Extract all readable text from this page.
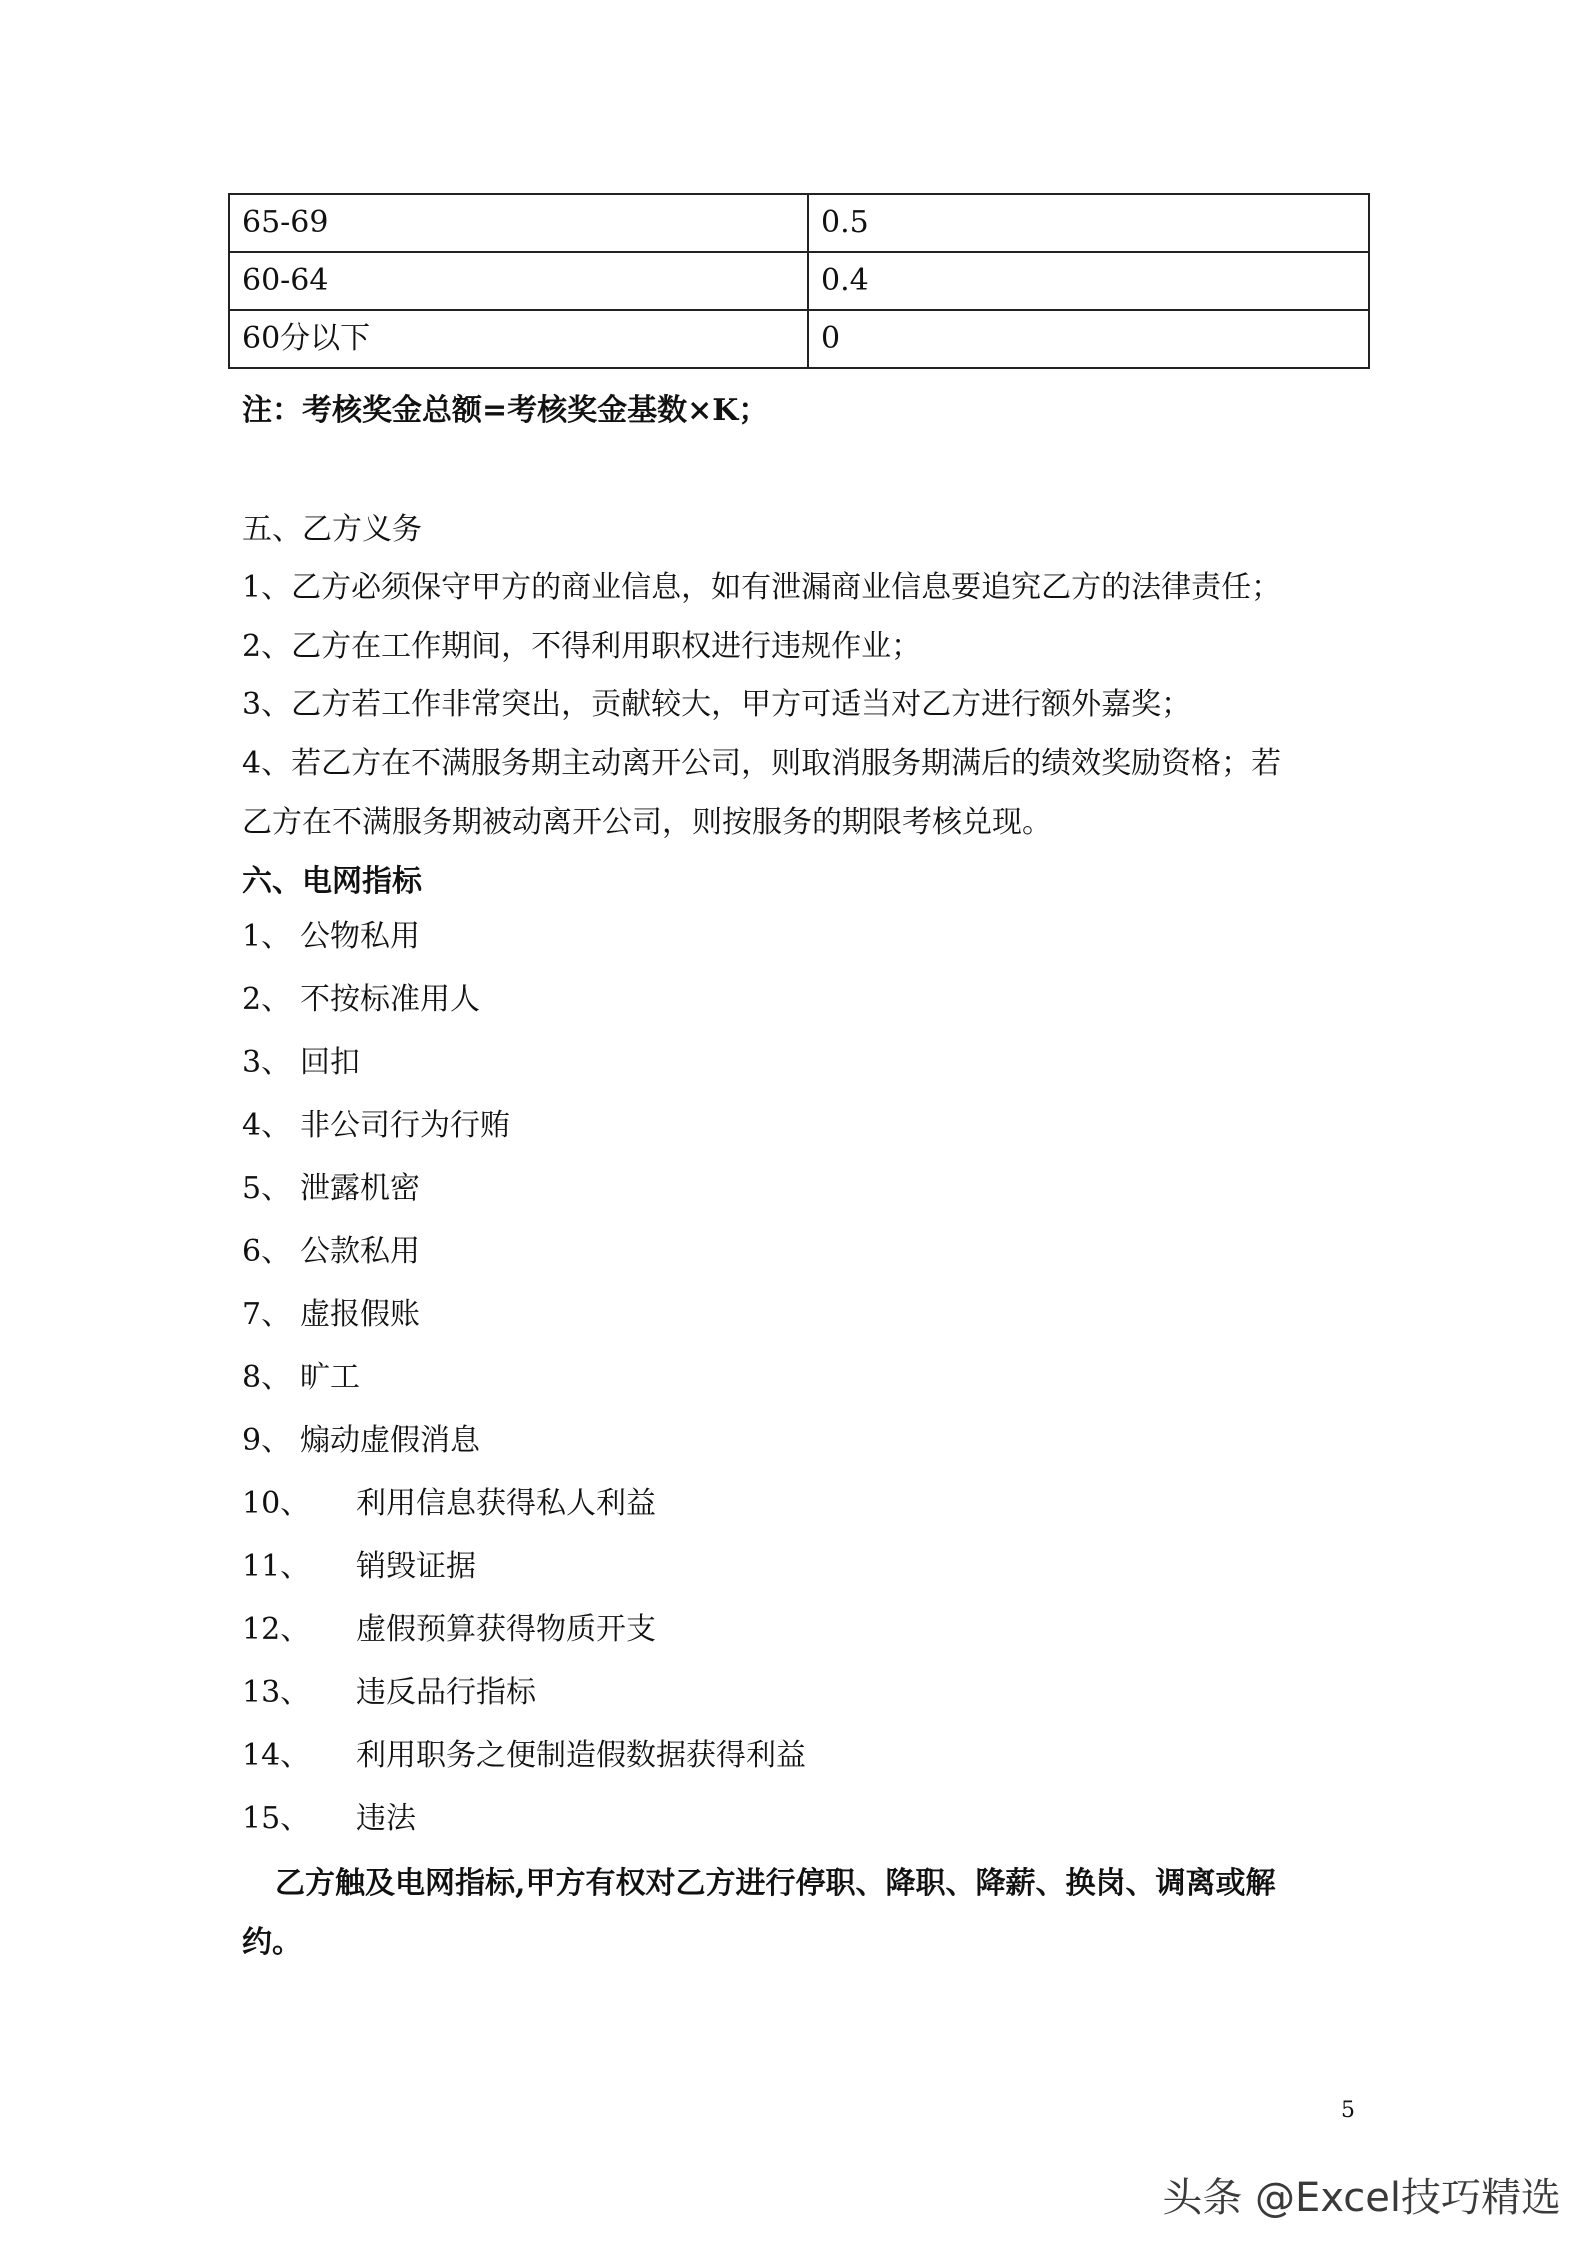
65-69	0.5
60-64	0.4
60分以下	0
注：考核奖金总额=考核奖金基数×K；
五、乙方义务
1、乙方必须保守甲方的商业信息，如有泄漏商业信息要追究乙方的法律责任；
2、乙方在工作期间，不得利用职权进行违规作业；
3、乙方若工作非常突出，贡献较大，甲方可适当对乙方进行额外嘉奖；
4、若乙方在不满服务期主动离开公司，则取消服务期满后的绩效奖励资格；若
乙方在不满服务期被动离开公司，则按服务的期限考核兑现。
六、电网指标
1、 公物私用
2、 不按标准用人
3、 回扣
4、 非公司行为行贿
5、 泄露机密
6、 公款私用
7、 虚报假账
8、 旷工
9、 煽动虚假消息
10、 利用信息获得私人利益
11、 销毁证据
12、 虚假预算获得物质开支
13、 违反品行指标
14、 利用职务之便制造假数据获得利益
15、 违法
乙方触及电网指标,甲方有权对乙方进行停职、降职、降薪、换岗、调离或解
约。
5
头条 @Excel技巧精选
